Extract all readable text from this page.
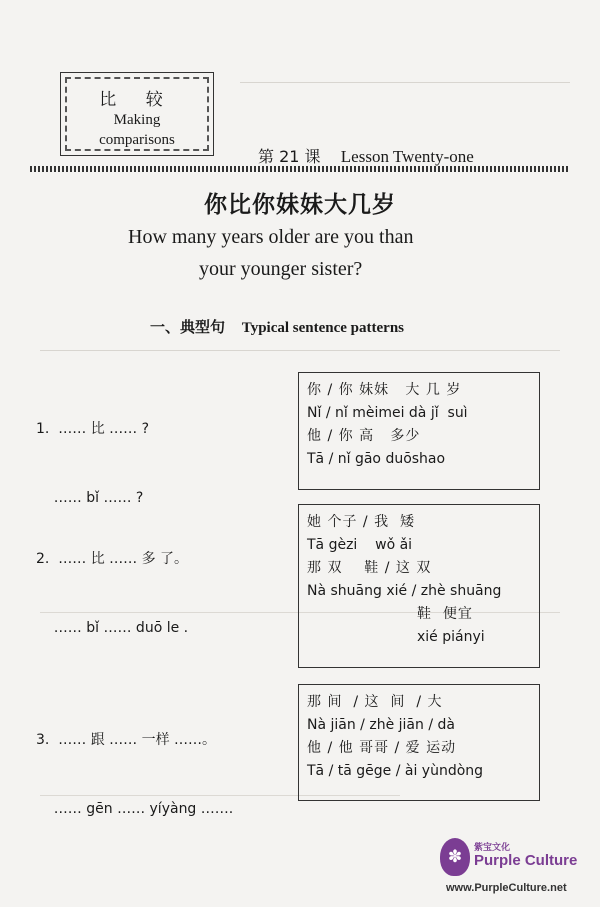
比 较
Making
comparisons
第 21 课 Lesson Twenty-one
你比你妹妹大几岁
How many years older are you than
your younger sister?
一、典型句 Typical sentence patterns

1.  …… 比 …… ?

…… bǐ …… ?

你 / 你 妹妹   大 几 岁
Nǐ / nǐ mèimei dà jǐ  suì
他 / 你 高   多少
Tā / nǐ gāo duōshao

2.  …… 比 …… 多 了。

…… bǐ …… duō le .

她 个子 / 我  矮
Tā gèzi    wǒ ǎi
那 双    鞋 / 这 双
Nà shuāng xié / zhè shuāng
鞋  便宜
xié piányi

3.  …… 跟 …… 一样 ……。

…… gēn …… yíyàng …….

那 间  / 这  间  / 大
Nà jiān / zhè jiān / dà
他 / 他 哥哥 / 爱 运动
Tā / tā gēge / ài yùndòng
✽	紫宝文化
Purple Culture
www.PurpleCulture.net
